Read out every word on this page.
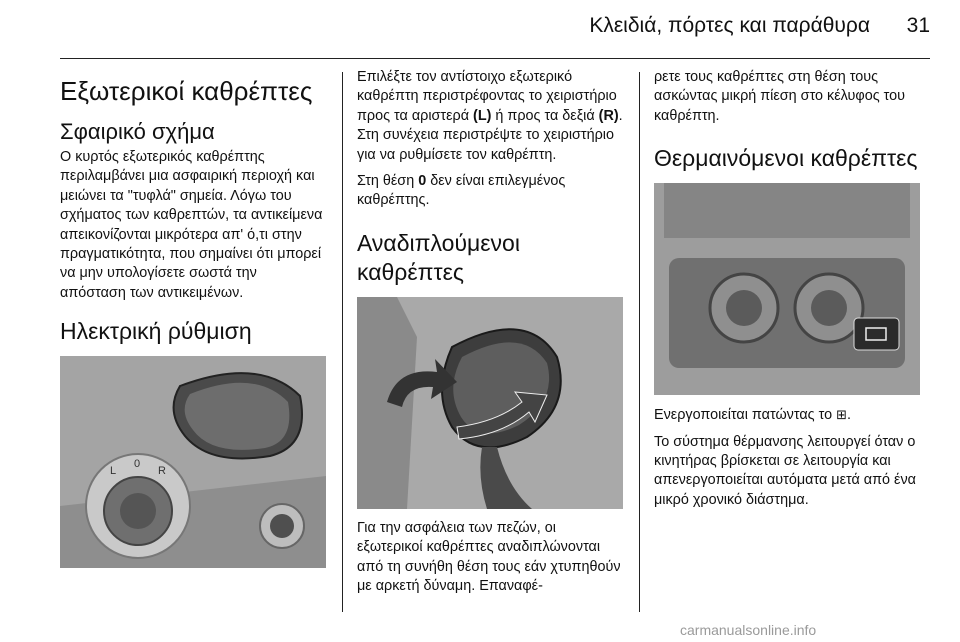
Κλειδιά, πόρτες και παράθυρα	31
Εξωτερικοί καθρέπτες
Σφαιρικό σχήμα

Ο κυρτός εξωτερικός καθρέπτης περιλαμβάνει μια ασφαιρική περιοχή και μειώνει τα "τυφλά" σημεία. Λόγω του σχήματος των καθρεπτών, τα αντικείμενα απεικονίζονται μικρότερα απ' ό,τι στην πραγματικότητα, που σημαίνει ότι μπορεί να μην υπολογίσετε σωστά την απόσταση των αντικειμένων.

Ηλεκτρική ρύθμιση
L
0
R

Επιλέξτε τον αντίστοιχο εξωτερικό καθρέπτη περιστρέφοντας το χειριστήριο προς τα αριστερά (L) ή προς τα δεξιά (R). Στη συνέχεια περιστρέψτε το χειριστήριο για να ρυθμίσετε τον καθρέπτη.

Στη θέση 0 δεν είναι επιλεγμένος καθρέπτης.

Αναδιπλούμενοι καθρέπτες

Για την ασφάλεια των πεζών, οι εξωτερικοί καθρέπτες αναδιπλώνονται από τη συνήθη θέση τους εάν χτυπηθούν με αρκετή δύναμη. Επαναφέ-

ρετε τους καθρέπτες στη θέση τους ασκώντας μικρή πίεση στο κέλυφος του καθρέπτη.

Θερμαινόμενοι καθρέπτες

Ενεργοποιείται πατώντας το ⊞.

Το σύστημα θέρμανσης λειτουργεί όταν ο κινητήρας βρίσκεται σε λειτουργία και απενεργοποιείται αυτόματα μετά από ένα μικρό χρονικό διάστημα.

carmanualsonline.info
